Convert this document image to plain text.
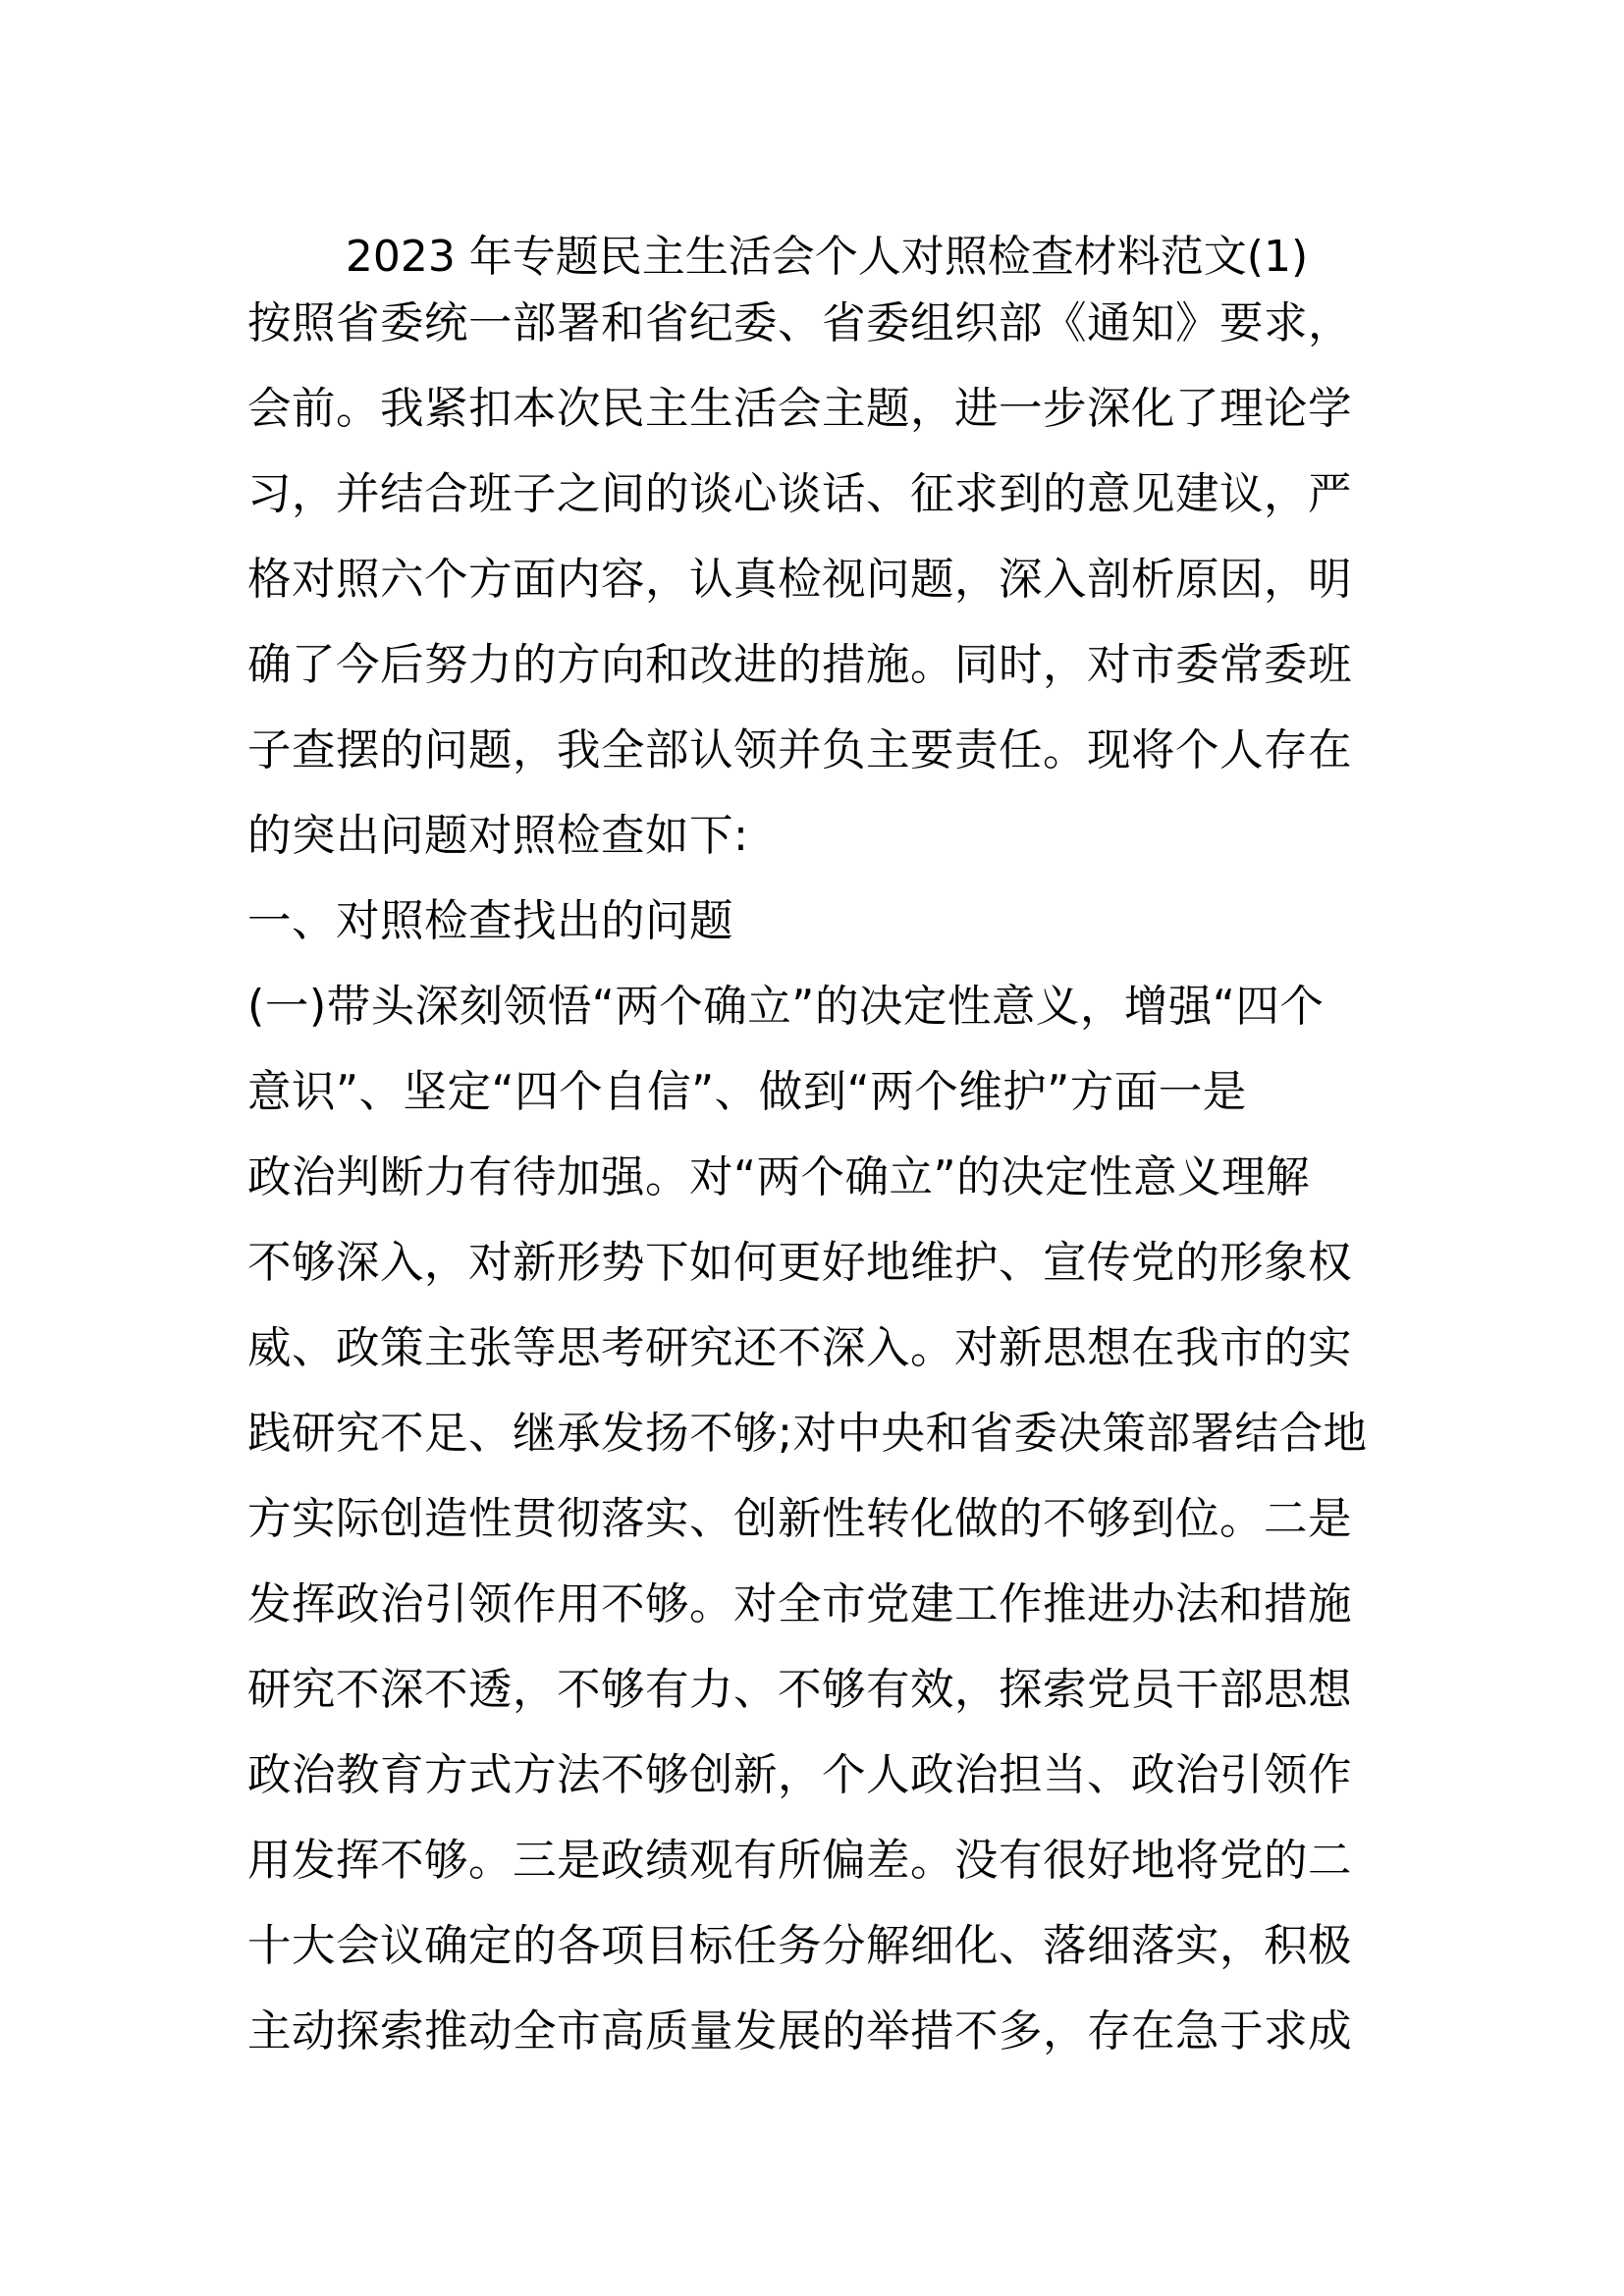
2023 年专题民主生活会个人对照检查材料范文(1)
按照省委统一部署和省纪委、省委组织部《通知》要求，
会前。我紧扣本次民主生活会主题，进一步深化了理论学
习，并结合班子之间的谈心谈话、征求到的意见建议，严
格对照六个方面内容，认真检视问题，深入剖析原因，明
确了今后努力的方向和改进的措施。同时，对市委常委班
子查摆的问题，我全部认领并负主要责任。现将个人存在
的突出问题对照检查如下:
一、对照检查找出的问题
(一)带头深刻领悟“两个确立”的决定性意义，增强“四个
意识”、坚定“四个自信”、做到“两个维护”方面一是
政治判断力有待加强。对“两个确立”的决定性意义理解
不够深入，对新形势下如何更好地维护、宣传党的形象权
威、政策主张等思考研究还不深入。对新思想在我市的实
践研究不足、继承发扬不够;对中央和省委决策部署结合地
方实际创造性贯彻落实、创新性转化做的不够到位。二是
发挥政治引领作用不够。对全市党建工作推进办法和措施
研究不深不透，不够有力、不够有效，探索党员干部思想
政治教育方式方法不够创新，个人政治担当、政治引领作
用发挥不够。三是政绩观有所偏差。没有很好地将党的二
十大会议确定的各项目标任务分解细化、落细落实，积极
主动探索推动全市高质量发展的举措不多，存在急于求成
